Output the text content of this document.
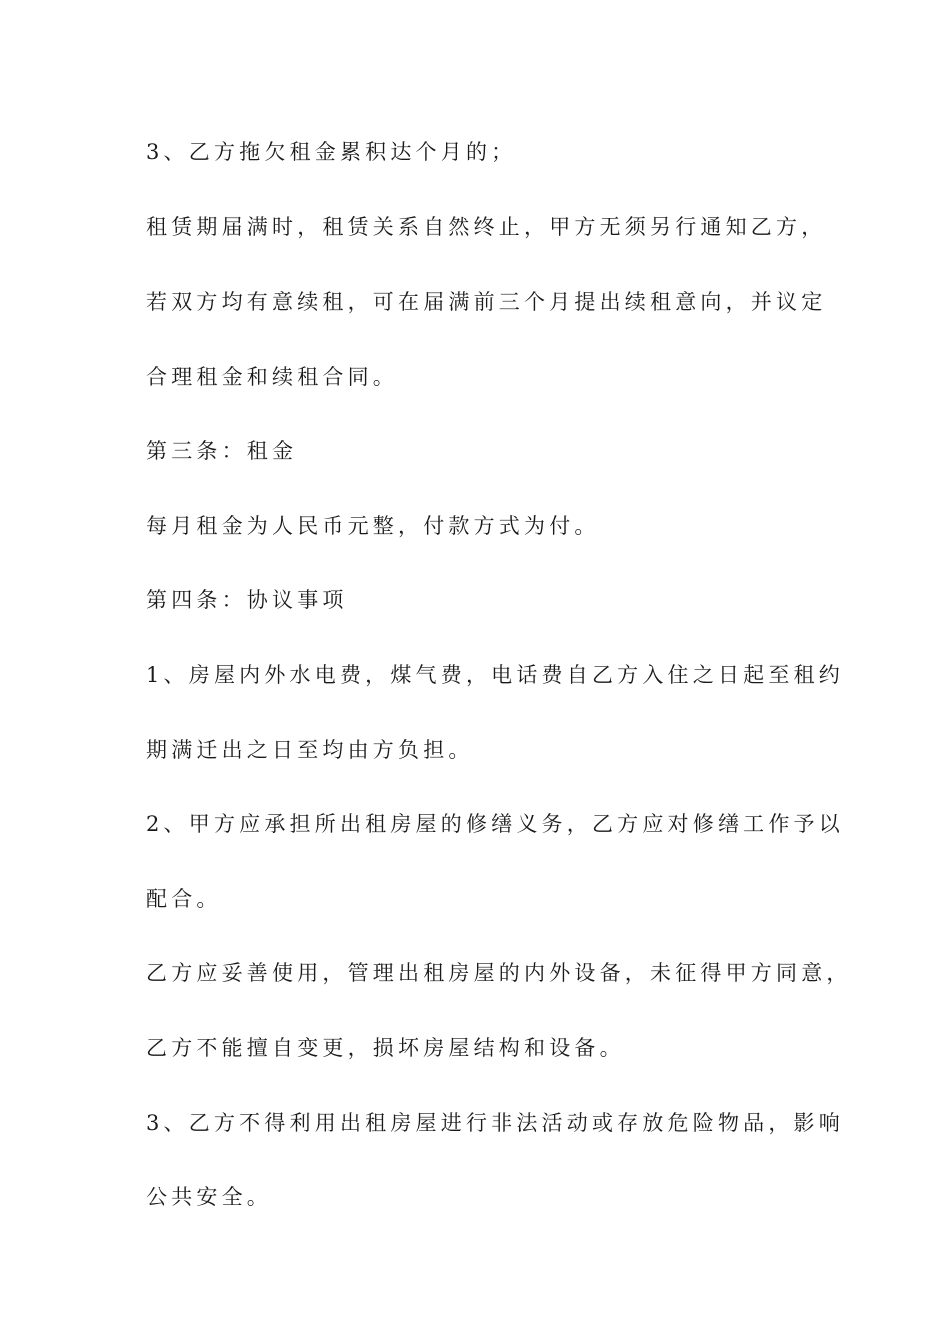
3、乙方拖欠租金累积达个月的；

租赁期届满时，租赁关系自然终止，甲方无须另行通知乙方，

若双方均有意续租，可在届满前三个月提出续租意向，并议定

合理租金和续租合同。

第三条：租金

每月租金为人民币元整，付款方式为付。

第四条：协议事项

1、房屋内外水电费，煤气费，电话费自乙方入住之日起至租约

期满迁出之日至均由方负担。

2、甲方应承担所出租房屋的修缮义务，乙方应对修缮工作予以

配合。

乙方应妥善使用，管理出租房屋的内外设备，未征得甲方同意，

乙方不能擅自变更，损坏房屋结构和设备。

3、乙方不得利用出租房屋进行非法活动或存放危险物品，影响

公共安全。
